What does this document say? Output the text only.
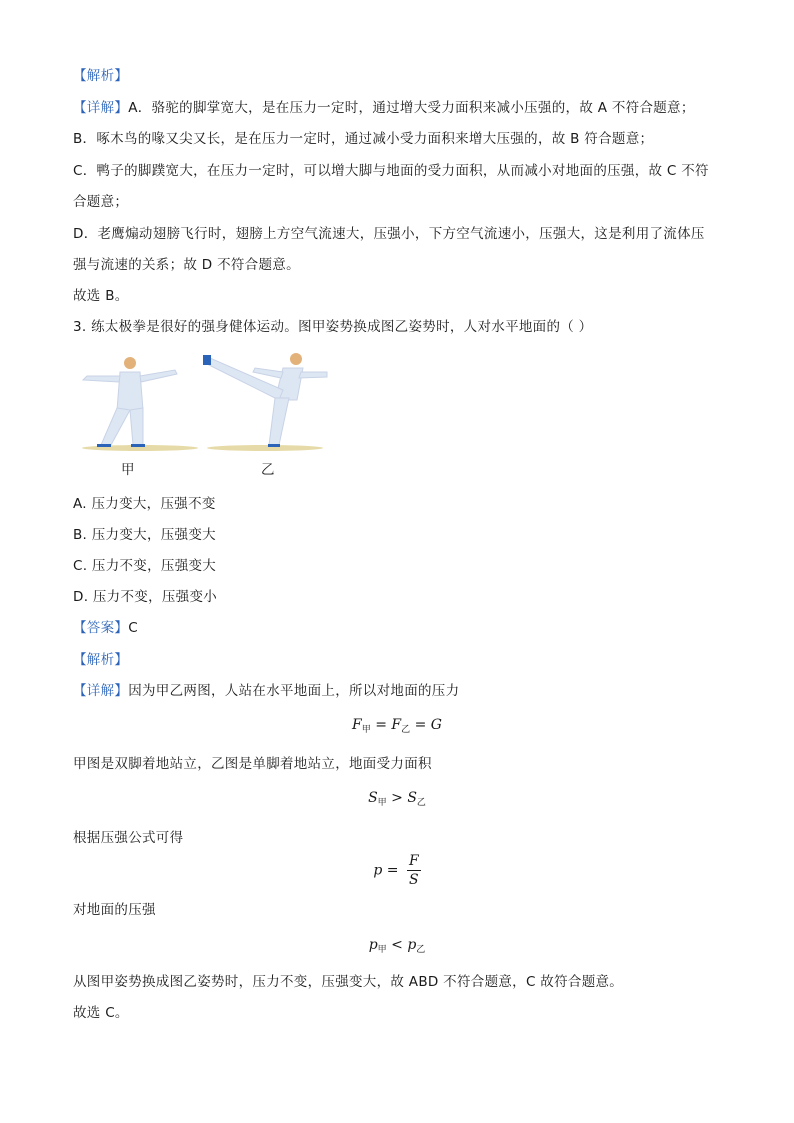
【解析】
【详解】A．骆驼的脚掌宽大，是在压力一定时，通过增大受力面积来减小压强的，故 A 不符合题意；
B．啄木鸟的喙又尖又长，是在压力一定时，通过减小受力面积来增大压强的，故 B 符合题意；
C．鸭子的脚蹼宽大，在压力一定时，可以增大脚与地面的受力面积，从而减小对地面的压强，故 C 不符
合题意；
D．老鹰煽动翅膀飞行时，翅膀上方空气流速大，压强小，下方空气流速小，压强大，这是利用了流体压
强与流速的关系；故 D 不符合题意。
故选 B。
3. 练太极拳是很好的强身健体运动。图甲姿势换成图乙姿势时，人对水平地面的（ ）
甲	乙
A. 压力变大，压强不变
B. 压力变大，压强变大
C. 压力不变，压强变大
D. 压力不变，压强变小
【答案】C
【解析】
【详解】因为甲乙两图，人站在水平地面上，所以对地面的压力
$F_甲 = F_乙 = G$
甲图是双脚着地站立，乙图是单脚着地站立，地面受力面积
$S_甲 > S_乙$
根据压强公式可得
$p = \frac{F}{S}$
对地面的压强
$p_甲 < p_乙$
从图甲姿势换成图乙姿势时，压力不变，压强变大，故 ABD 不符合题意，C 故符合题意。
故选 C。
